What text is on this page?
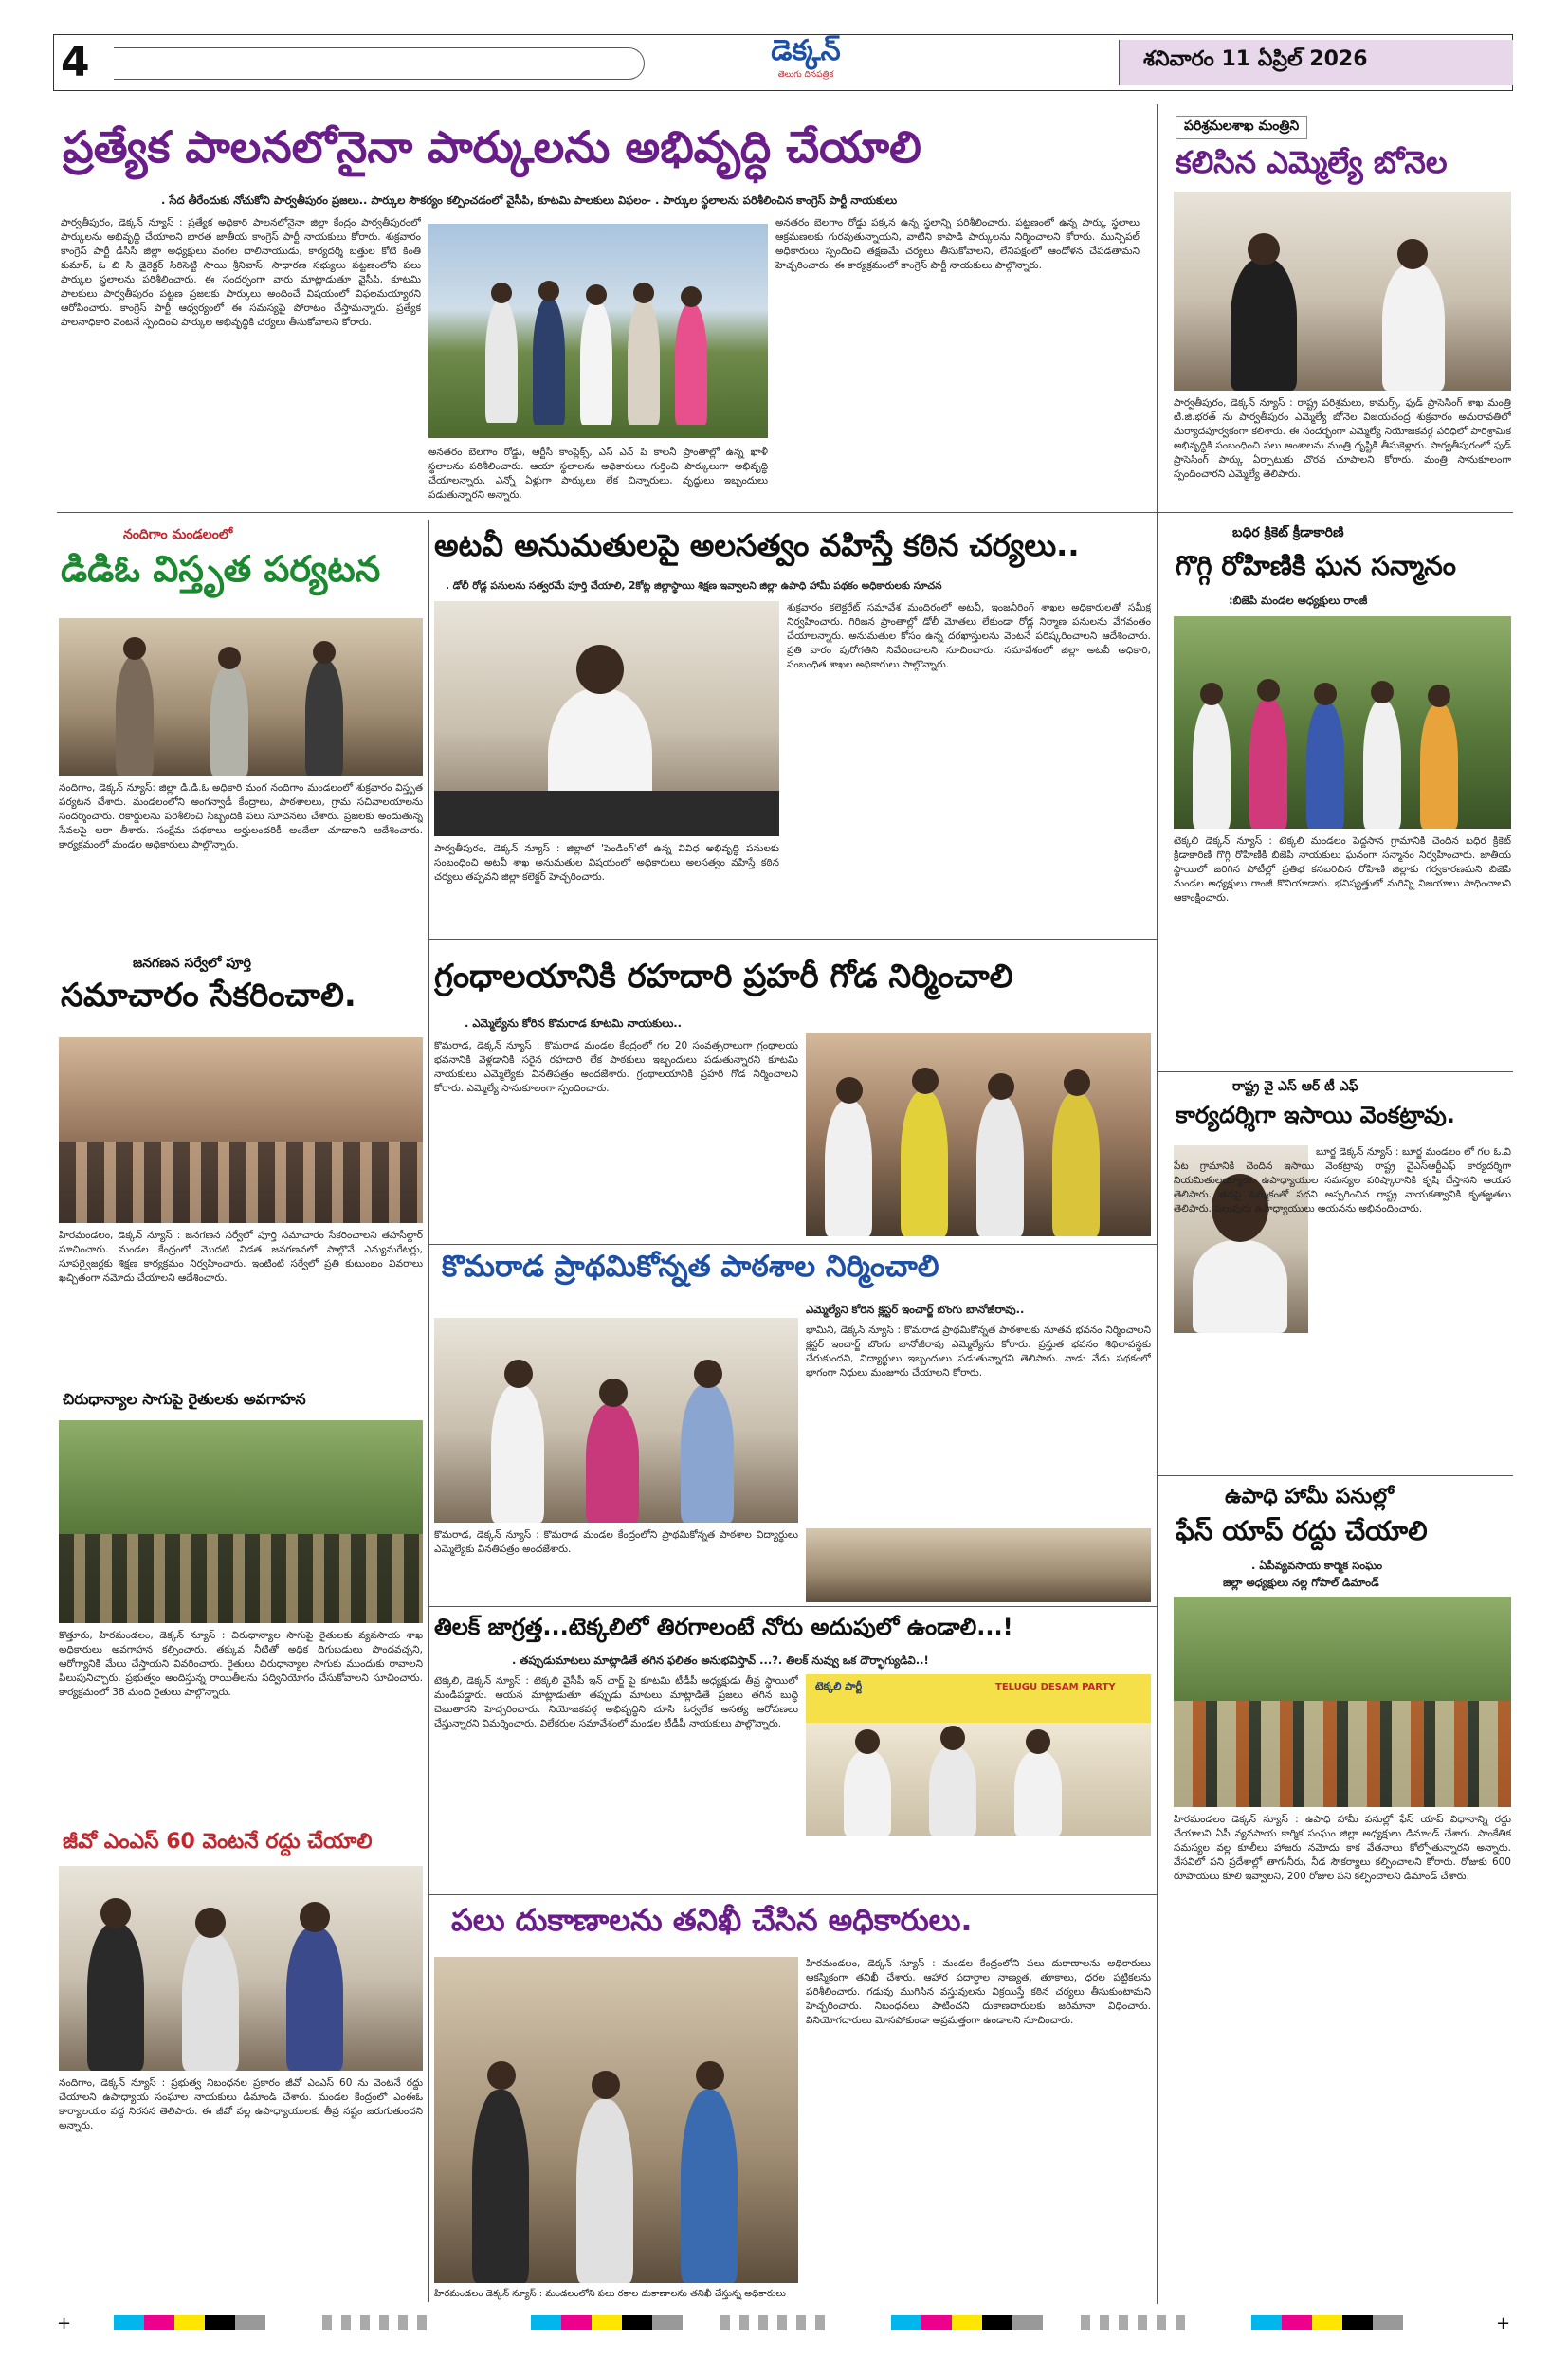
4	డెక్కన్
తెలుగు దినపత్రిక
శనివారం 11 ఏప్రిల్ 2026
ప్రత్యేక పాలనలోనైనా పార్కులను అభివృద్ధి చేయాలి
. సేద తీరేందుకు నోచుకోని పార్వతీపురం ప్రజలు.. పార్కుల సౌకర్యం కల్పించడంలో వైసీపి, కూటమి పాలకులు విఫలం- . పార్కుల స్థలాలను పరిశీలించిన కాంగ్రెస్ పార్టీ నాయకులు
పార్వతీపురం, డెక్కన్ న్యూస్ : ప్రత్యేక అధికారి పాలనలోనైనా జిల్లా కేంద్రం పార్వతీపురంలో పార్కులను అభివృద్ధి చేయాలని భారత జాతీయ కాంగ్రెస్ పార్టీ నాయకులు కోరారు. శుక్రవారం కాంగ్రెస్ పార్టీ డీసీసీ జిల్లా అధ్యక్షులు వంగల దాలినాయుడు, కార్యదర్శి బత్తుల కోటి కింతి కుమార్, ఓ బి సి డైరెక్టర్ సిరిసెట్టి సాయి శ్రీనివాస్, సాధారణ సభ్యులు పట్టణంలోని పలు పార్కుల స్థలాలను పరిశీలించారు. ఈ సందర్భంగా వారు మాట్లాడుతూ వైసీపి, కూటమి పాలకులు పార్వతీపురం పట్టణ ప్రజలకు పార్కులు అందించే విషయంలో విఫలమయ్యారని ఆరోపించారు. కాంగ్రెస్ పార్టీ ఆధ్వర్యంలో ఈ సమస్యపై పోరాటం చేస్తామన్నారు. ప్రత్యేక పాలనాధికారి వెంటనే స్పందించి పార్కుల అభివృద్ధికి చర్యలు తీసుకోవాలని కోరారు.
అనతరం బెలగాం రోడ్డు, ఆర్టీసీ కాంప్లెక్స్, ఎస్ ఎన్ పి కాలనీ ప్రాంతాల్లో ఉన్న ఖాళీ స్థలాలను పరిశీలించారు. ఆయా స్థలాలను అధికారులు గుర్తించి పార్కులుగా అభివృద్ధి చేయాలన్నారు. ఎన్నో ఏళ్లుగా పార్కులు లేక చిన్నారులు, వృద్ధులు ఇబ్బందులు పడుతున్నారని అన్నారు.
అనతరం బెలగాం రోడ్డు పక్కన ఉన్న స్థలాన్ని పరిశీలించారు. పట్టణంలో ఉన్న పార్కు స్థలాలు ఆక్రమణలకు గురవుతున్నాయని, వాటిని కాపాడి పార్కులను నిర్మించాలని కోరారు. మున్సిపల్ అధికారులు స్పందించి తక్షణమే చర్యలు తీసుకోవాలని, లేనిపక్షంలో ఆందోళన చేపడతామని హెచ్చరించారు. ఈ కార్యక్రమంలో కాంగ్రెస్ పార్టీ నాయకులు పాల్గొన్నారు.
పరిశ్రమలశాఖ మంత్రిని
కలిసిన ఎమ్మెల్యే బోనెల
పార్వతీపురం, డెక్కన్ న్యూస్ : రాష్ట్ర పరిశ్రమలు, కామర్స్, ఫుడ్ ప్రాసెసింగ్ శాఖ మంత్రి టి.జి.భరత్ ను పార్వతీపురం ఎమ్మెల్యే బోనెల విజయచంద్ర శుక్రవారం అమరావతిలో మర్యాదపూర్వకంగా కలిశారు. ఈ సందర్భంగా ఎమ్మెల్యే నియోజకవర్గ పరిధిలో పారిశ్రామిక అభివృద్ధికి సంబంధించి పలు అంశాలను మంత్రి దృష్టికి తీసుకెళ్లారు. పార్వతీపురంలో ఫుడ్ ప్రాసెసింగ్ పార్కు ఏర్పాటుకు చొరవ చూపాలని కోరారు. మంత్రి సానుకూలంగా స్పందించారని ఎమ్మెల్యే తెలిపారు.
నందిగాం మండలంలో
డిడిఓ విస్తృత పర్యటన
నందిగాం, డెక్కన్ న్యూస్: జిల్లా డి.డి.ఓ అధికారి మంగ నందిగాం మండలంలో శుక్రవారం విస్తృత పర్యటన చేశారు. మండలంలోని అంగన్వాడీ కేంద్రాలు, పాఠశాలలు, గ్రామ సచివాలయాలను సందర్శించారు. రికార్డులను పరిశీలించి సిబ్బందికి పలు సూచనలు చేశారు. ప్రజలకు అందుతున్న సేవలపై ఆరా తీశారు. సంక్షేమ పథకాలు అర్హులందరికీ అందేలా చూడాలని ఆదేశించారు. కార్యక్రమంలో మండల అధికారులు పాల్గొన్నారు.
జనగణన సర్వేలో పూర్తి
సమాచారం సేకరించాలి.
హిరమండలం, డెక్కన్ న్యూస్ : జనగణన సర్వేలో పూర్తి సమాచారం సేకరించాలని తహసీల్దార్ సూచించారు. మండల కేంద్రంలో మొదటి విడత జనగణనలో పాల్గొనే ఎన్యుమరేటర్లు, సూపర్వైజర్లకు శిక్షణ కార్యక్రమం నిర్వహించారు. ఇంటింటి సర్వేలో ప్రతి కుటుంబం వివరాలు ఖచ్చితంగా నమోదు చేయాలని ఆదేశించారు.
చిరుధాన్యాల సాగుపై రైతులకు అవగాహన
కొత్తూరు, హిరమండలం, డెక్కన్ న్యూస్ : చిరుధాన్యాల సాగుపై రైతులకు వ్యవసాయ శాఖ అధికారులు అవగాహన కల్పించారు. తక్కువ నీటితో అధిక దిగుబడులు పొందవచ్చని, ఆరోగ్యానికి మేలు చేస్తాయని వివరించారు. రైతులు చిరుధాన్యాల సాగుకు ముందుకు రావాలని పిలుపునిచ్చారు. ప్రభుత్వం అందిస్తున్న రాయితీలను సద్వినియోగం చేసుకోవాలని సూచించారు. కార్యక్రమంలో 38 మంది రైతులు పాల్గొన్నారు.
జీవో ఎంఎస్ 60 వెంటనే రద్దు చేయాలి
నందిగాం, డెక్కన్ న్యూస్ : ప్రభుత్వ నిబంధనల ప్రకారం జీవో ఎంఎస్ 60 ను వెంటనే రద్దు చేయాలని ఉపాధ్యాయ సంఘాల నాయకులు డిమాండ్ చేశారు. మండల కేంద్రంలో ఎంఈఓ కార్యాలయం వద్ద నిరసన తెలిపారు. ఈ జీవో వల్ల ఉపాధ్యాయులకు తీవ్ర నష్టం జరుగుతుందని అన్నారు.
అటవీ అనుమతులపై అలసత్వం వహిస్తే కఠిన చర్యలు..
. డోలీ రోడ్ల పనులను సత్వరమే పూర్తి చేయాలి, 2కోట్ల జిల్లాస్థాయి శిక్షణ ఇవ్వాలని జిల్లా ఉపాధి హామీ పథకం అధికారులకు సూచన
పార్వతీపురం, డెక్కన్ న్యూస్ : జిల్లాలో 'పెండింగ్'లో ఉన్న వివిధ అభివృద్ధి పనులకు సంబంధించి అటవీ శాఖ అనుమతుల విషయంలో అధికారులు అలసత్వం వహిస్తే కఠిన చర్యలు తప్పవని జిల్లా కలెక్టర్ హెచ్చరించారు.
శుక్రవారం కలెక్టరేట్ సమావేశ మందిరంలో అటవీ, ఇంజనీరింగ్ శాఖల అధికారులతో సమీక్ష నిర్వహించారు. గిరిజన ప్రాంతాల్లో డోలీ మోతలు లేకుండా రోడ్ల నిర్మాణ పనులను వేగవంతం చేయాలన్నారు. అనుమతుల కోసం ఉన్న దరఖాస్తులను వెంటనే పరిష్కరించాలని ఆదేశించారు. ప్రతి వారం పురోగతిని నివేదించాలని సూచించారు. సమావేశంలో జిల్లా అటవీ అధికారి, సంబంధిత శాఖల అధికారులు పాల్గొన్నారు.
గ్రంధాలయానికి రహదారి ప్రహరీ గోడ నిర్మించాలి
. ఎమ్మెల్యేను కోరిన కొమరాడ కూటమి నాయకులు..
కొమరాడ, డెక్కన్ న్యూస్ : కొమరాడ మండల కేంద్రంలో గల 20 సంవత్సరాలుగా గ్రంథాలయ భవనానికి వెళ్లడానికి సరైన రహదారి లేక పాఠకులు ఇబ్బందులు పడుతున్నారని కూటమి నాయకులు ఎమ్మెల్యేకు వినతిపత్రం అందజేశారు. గ్రంథాలయానికి ప్రహరీ గోడ నిర్మించాలని కోరారు. ఎమ్మెల్యే సానుకూలంగా స్పందించారు.
కొమరాడ ప్రాథమికోన్నత పాఠశాల నిర్మించాలి
ఎమ్మెల్యేని కోరిన క్లస్టర్ ఇంచార్జ్ బొంగు బానోజీరావు..
భామిని, డెక్కన్ న్యూస్ : కొమరాడ ప్రాథమికోన్నత పాఠశాలకు నూతన భవనం నిర్మించాలని క్లస్టర్ ఇంచార్జ్ బొంగు బానోజీరావు ఎమ్మెల్యేను కోరారు. ప్రస్తుత భవనం శిథిలావస్థకు చేరుకుందని, విద్యార్థులు ఇబ్బందులు పడుతున్నారని తెలిపారు. నాడు నేడు పథకంలో భాగంగా నిధులు మంజూరు చేయాలని కోరారు.
కొమరాడ, డెక్కన్ న్యూస్ : కొమరాడ మండల కేంద్రంలోని ప్రాథమికోన్నత పాఠశాల విద్యార్థులు ఎమ్మెల్యేకు వినతిపత్రం అందజేశారు.
తిలక్ జాగ్రత్త...టెక్కలిలో తిరగాలంటే నోరు అదుపులో ఉండాలి...!
. తప్పుడుమాటలు మాట్లాడితే తగిన ఫలితం అనుభవిస్తావ్ ...?. తిలక్ నువ్వు ఒక దౌర్భాగ్యుడివి..!
టెక్కలి, డెక్కన్ న్యూస్ : టెక్కలి వైసీపీ ఇన్ ఛార్జ్ పై కూటమి టీడీపీ అధ్యక్షుడు తీవ్ర స్థాయిలో మండిపడ్డారు. ఆయన మాట్లాడుతూ తప్పుడు మాటలు మాట్లాడితే ప్రజలు తగిన బుద్ధి చెబుతారని హెచ్చరించారు. నియోజకవర్గ అభివృద్ధిని చూసి ఓర్వలేక అసత్య ఆరోపణలు చేస్తున్నారని విమర్శించారు. విలేకరుల సమావేశంలో మండల టీడీపీ నాయకులు పాల్గొన్నారు.
టెక్కలి పార్టీ	TELUGU DESAM PARTY
పలు దుకాణాలను తనిఖీ చేసిన అధికారులు.
హిరమండలం డెక్కన్ న్యూస్ : మండలంలోని పలు రకాల దుకాణాలను తనిఖీ చేస్తున్న అధికారులు
హిరమండలం, డెక్కన్ న్యూస్ : మండల కేంద్రంలోని పలు దుకాణాలను అధికారులు ఆకస్మికంగా తనిఖీ చేశారు. ఆహార పదార్థాల నాణ్యత, తూకాలు, ధరల పట్టికలను పరిశీలించారు. గడువు ముగిసిన వస్తువులను విక్రయిస్తే కఠిన చర్యలు తీసుకుంటామని హెచ్చరించారు. నిబంధనలు పాటించని దుకాణదారులకు జరిమానా విధించారు. వినియోగదారులు మోసపోకుండా అప్రమత్తంగా ఉండాలని సూచించారు.
బధిర క్రికెట్ క్రీడాకారిణి
గొగ్గి రోహిణికి ఘన సన్మానం
:బిజెపి మండల అధ్యక్షులు రాంజీ
టెక్కలి డెక్కన్ న్యూస్ : టెక్కలి మండలం పెద్దసాన గ్రామానికి చెందిన బధిర క్రికెట్ క్రీడాకారిణి గొగ్గి రోహిణికి బిజెపి నాయకులు ఘనంగా సన్మానం నిర్వహించారు. జాతీయ స్థాయిలో జరిగిన పోటీల్లో ప్రతిభ కనబరిచిన రోహిణి జిల్లాకు గర్వకారణమని బిజెపి మండల అధ్యక్షులు రాంజీ కొనియాడారు. భవిష్యత్తులో మరిన్ని విజయాలు సాధించాలని ఆకాంక్షించారు.
రాష్ట్ర వై ఎస్ ఆర్ టీ ఎఫ్
కార్యదర్శిగా ఇసాయి వెంకట్రావు.
బూర్జ డెక్కన్ న్యూస్ : బూర్జ మండలం లో గల ఓ.వి పేట గ్రామానికి చెందిన ఇసాయి వెంకట్రావు రాష్ట్ర వైఎస్ఆర్టీఎఫ్ కార్యదర్శిగా నియమితులయ్యారు. ఉపాధ్యాయుల సమస్యల పరిష్కారానికి కృషి చేస్తానని ఆయన తెలిపారు. తనపై నమ్మకంతో పదవి అప్పగించిన రాష్ట్ర నాయకత్వానికి కృతజ్ఞతలు తెలిపారు. పలువురు ఉపాధ్యాయులు ఆయనను అభినందించారు.
ఉపాధి హామీ పనుల్లో
ఫేస్ యాప్ రద్దు చేయాలి
. ఏపీవ్యవసాయ కార్మిక సంఘం
జిల్లా అధ్యక్షులు నల్ల గోపాల్ డిమాండ్
హిరమండలం డెక్కన్ న్యూస్ : ఉపాధి హామీ పనుల్లో ఫేస్ యాప్ విధానాన్ని రద్దు చేయాలని ఏపీ వ్యవసాయ కార్మిక సంఘం జిల్లా అధ్యక్షులు డిమాండ్ చేశారు. సాంకేతిక సమస్యల వల్ల కూలీలు హాజరు నమోదు కాక వేతనాలు కోల్పోతున్నారని అన్నారు. వేసవిలో పని ప్రదేశాల్లో తాగునీరు, నీడ సౌకర్యాలు కల్పించాలని కోరారు. రోజుకు 600 రూపాయలు కూలి ఇవ్వాలని, 200 రోజుల పని కల్పించాలని డిమాండ్ చేశారు.
+	+
